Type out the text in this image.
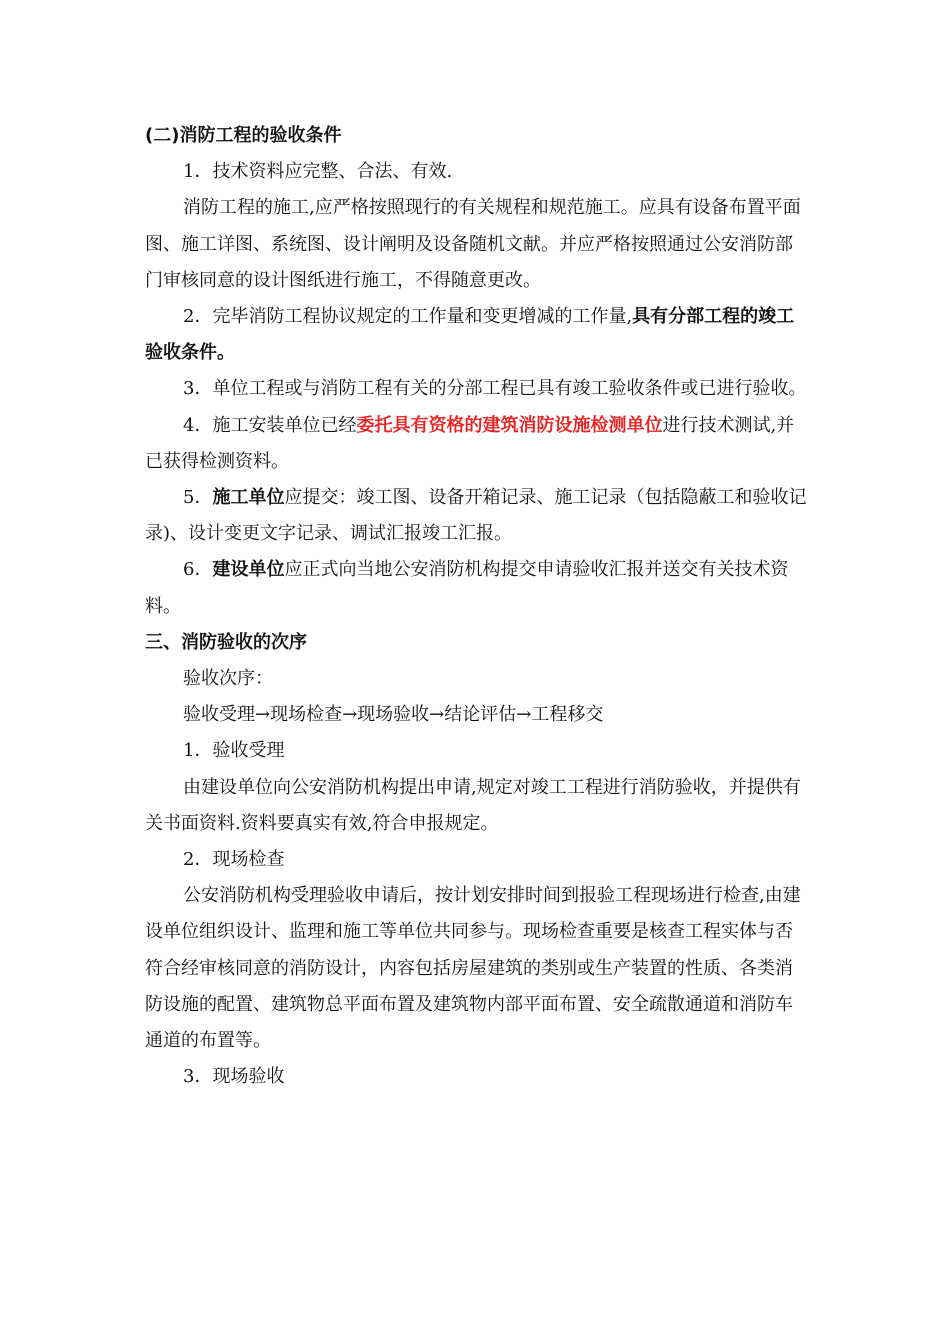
(二)消防工程的验收条件

1．技术资料应完整、合法、有效.

消防工程的施工,应严格按照现行的有关规程和规范施工。应具有设备布置平面图、施工详图、系统图、设计阐明及设备随机文献。并应严格按照通过公安消防部门审核同意的设计图纸进行施工，不得随意更改。

2．完毕消防工程协议规定的工作量和变更增减的工作量,具有分部工程的竣工验收条件。

3．单位工程或与消防工程有关的分部工程已具有竣工验收条件或已进行验收。

4．施工安装单位已经委托具有资格的建筑消防设施检测单位进行技术测试,并已获得检测资料。

5．施工单位应提交：竣工图、设备开箱记录、施工记录（包括隐蔽工和验收记录)、设计变更文字记录、调试汇报竣工汇报。

6．建设单位应正式向当地公安消防机构提交申请验收汇报并送交有关技术资料。

三、消防验收的次序

验收次序：

验收受理→现场检查→现场验收→结论评估→工程移交

1．验收受理

由建设单位向公安消防机构提出申请,规定对竣工工程进行消防验收，并提供有关书面资料.资料要真实有效,符合申报规定。

2．现场检查

公安消防机构受理验收申请后，按计划安排时间到报验工程现场进行检查,由建设单位组织设计、监理和施工等单位共同参与。现场检查重要是核查工程实体与否符合经审核同意的消防设计，内容包括房屋建筑的类别或生产装置的性质、各类消防设施的配置、建筑物总平面布置及建筑物内部平面布置、安全疏散通道和消防车通道的布置等。

3．现场验收
